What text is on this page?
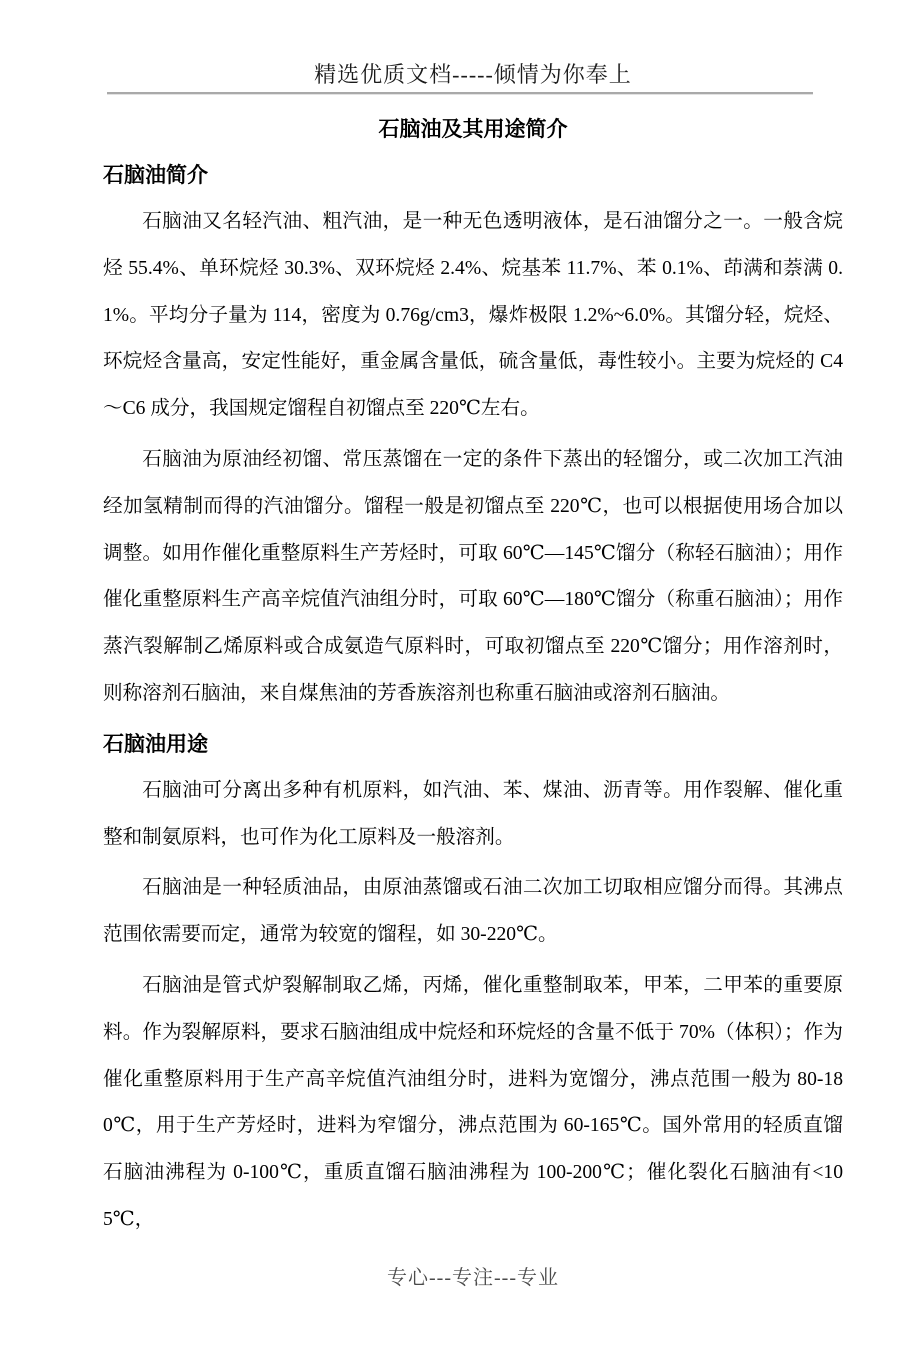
精选优质文档-----倾情为你奉上
石脑油及其用途简介
石脑油简介

石脑油又名轻汽油、粗汽油，是一种无色透明液体，是石油馏分之一。一般含烷烃 55.4%、单环烷烃 30.3%、双环烷烃 2.4%、烷基苯 11.7%、苯 0.1%、茚满和萘满 0.1%。平均分子量为 114，密度为 0.76g/cm3，爆炸极限 1.2%~6.0%。其馏分轻，烷烃、环烷烃含量高，安定性能好，重金属含量低，硫含量低，毒性较小。主要为烷烃的 C4～C6 成分，我国规定馏程自初馏点至 220℃左右。

石脑油为原油经初馏、常压蒸馏在一定的条件下蒸出的轻馏分，或二次加工汽油经加氢精制而得的汽油馏分。馏程一般是初馏点至 220℃，也可以根据使用场合加以调整。如用作催化重整原料生产芳烃时，可取 60℃—145℃馏分（称轻石脑油）；用作催化重整原料生产高辛烷值汽油组分时，可取 60℃—180℃馏分（称重石脑油）；用作蒸汽裂解制乙烯原料或合成氨造气原料时，可取初馏点至 220℃馏分；用作溶剂时，则称溶剂石脑油，来自煤焦油的芳香族溶剂也称重石脑油或溶剂石脑油。

石脑油用途

石脑油可分离出多种有机原料，如汽油、苯、煤油、沥青等。用作裂解、催化重整和制氨原料，也可作为化工原料及一般溶剂。

石脑油是一种轻质油品，由原油蒸馏或石油二次加工切取相应馏分而得。其沸点范围依需要而定，通常为较宽的馏程，如 30-220℃。

石脑油是管式炉裂解制取乙烯，丙烯，催化重整制取苯，甲苯，二甲苯的重要原料。作为裂解原料，要求石脑油组成中烷烃和环烷烃的含量不低于 70%（体积）；作为催化重整原料用于生产高辛烷值汽油组分时，进料为宽馏分，沸点范围一般为 80-180℃，用于生产芳烃时，进料为窄馏分，沸点范围为 60-165℃。国外常用的轻质直馏石脑油沸程为 0-100℃，重质直馏石脑油沸程为 100-200℃；催化裂化石脑油有<105℃，

专心---专注---专业
